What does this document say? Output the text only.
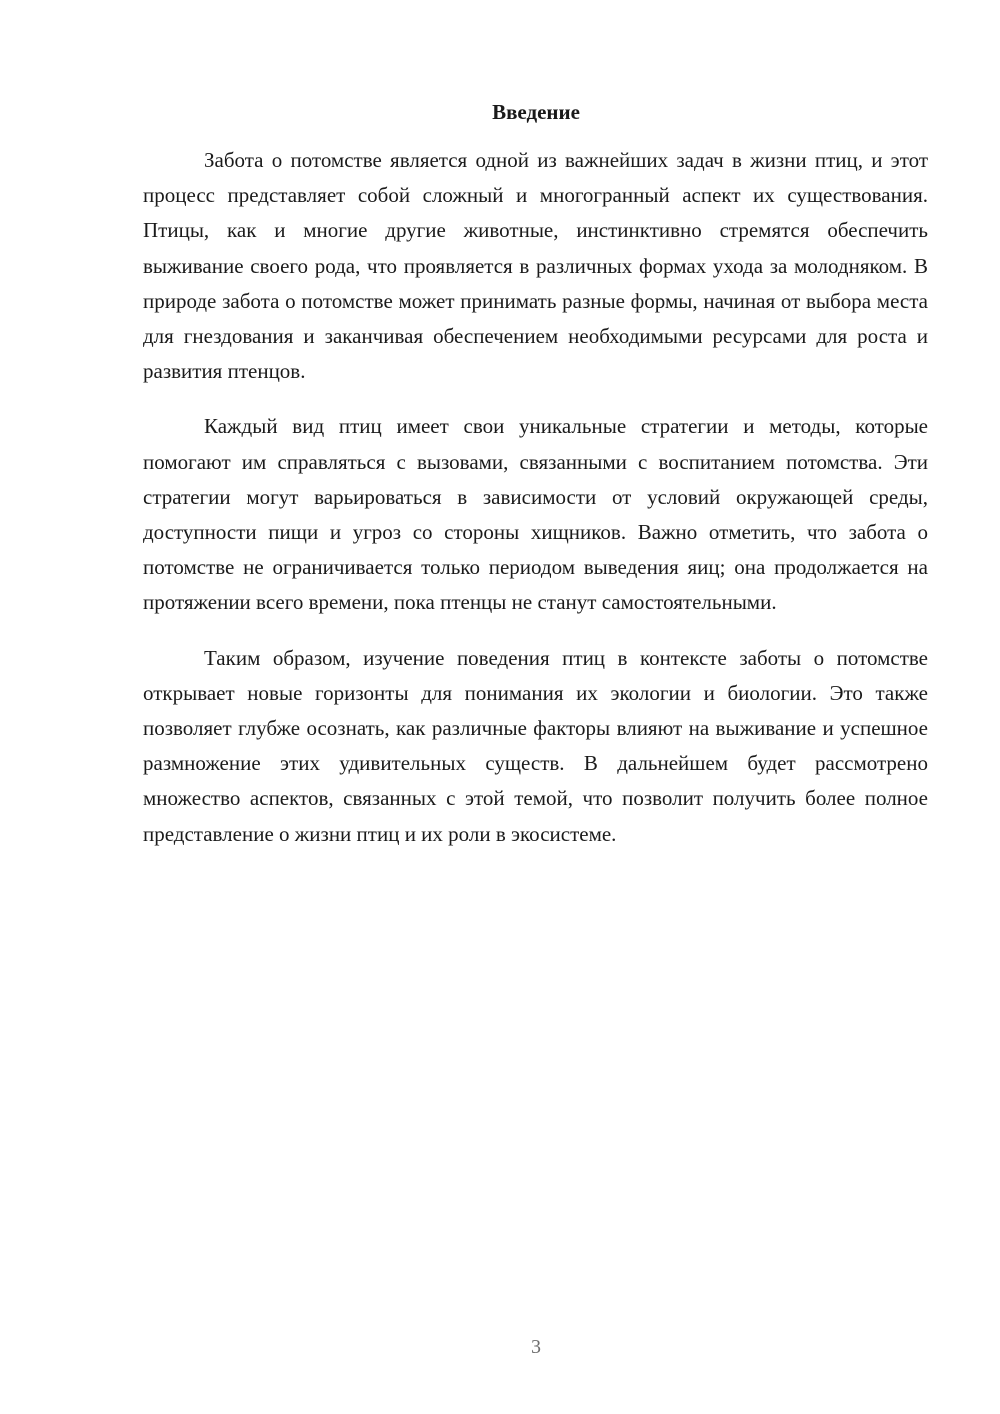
Введение

Забота о потомстве является одной из важнейших задач в жизни птиц, и этот процесс представляет собой сложный и многогранный аспект их существования. Птицы, как и многие другие животные, инстинктивно стремятся обеспечить выживание своего рода, что проявляется в различных формах ухода за молодняком. В природе забота о потомстве может принимать разные формы, начиная от выбора места для гнездования и заканчивая обеспечением необходимыми ресурсами для роста и развития птенцов.

Каждый вид птиц имеет свои уникальные стратегии и методы, которые помогают им справляться с вызовами, связанными с воспитанием потомства. Эти стратегии могут варьироваться в зависимости от условий окружающей среды, доступности пищи и угроз со стороны хищников. Важно отметить, что забота о потомстве не ограничивается только периодом выведения яиц; она продолжается на протяжении всего времени, пока птенцы не станут самостоятельными.

Таким образом, изучение поведения птиц в контексте заботы о потомстве открывает новые горизонты для понимания их экологии и биологии. Это также позволяет глубже осознать, как различные факторы влияют на выживание и успешное размножение этих удивительных существ. В дальнейшем будет рассмотрено множество аспектов, связанных с этой темой, что позволит получить более полное представление о жизни птиц и их роли в экосистеме.

3
